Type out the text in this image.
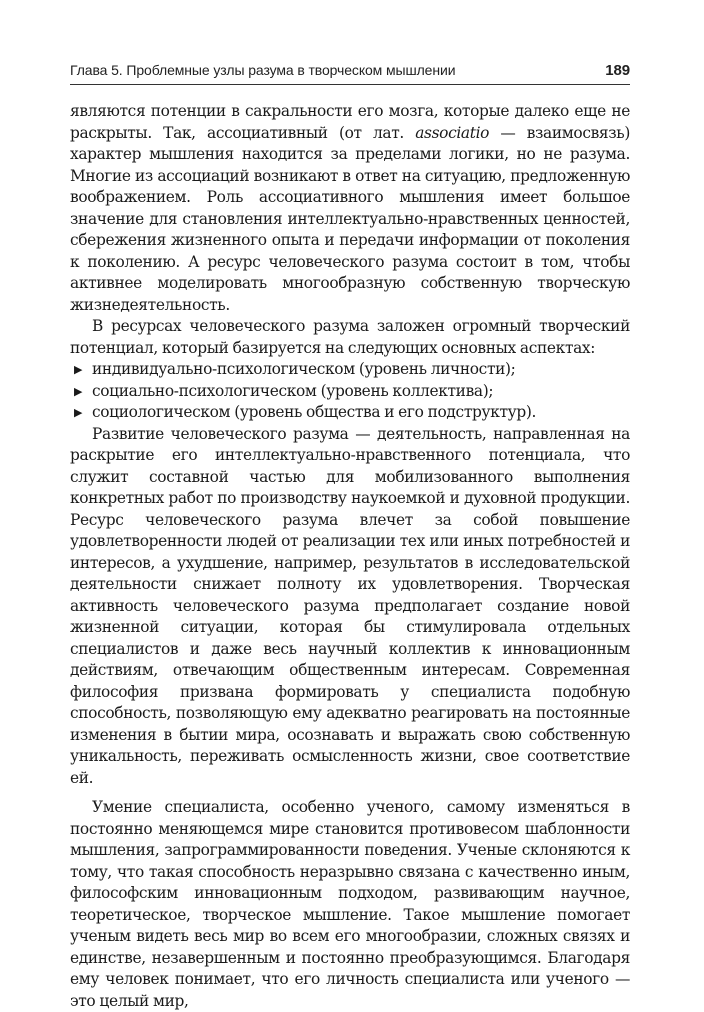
Глава 5. Проблемные узлы разума в творческом мышлении	189

являются потенции в сакральности его мозга, которые далеко еще не раскрыты. Так, ассоциативный (от лат. associatio — взаимосвязь) характер мышления находится за пределами логики, но не разума. Многие из ассоциаций возникают в ответ на ситуацию, предложенную воображением. Роль ассоциативного мышления имеет большое значение для становления интеллектуально-нравственных ценностей, сбережения жизненного опыта и передачи информации от поколения к поколению. А ресурс человеческого разума состоит в том, чтобы активнее моделировать многообразную собственную творческую жизнедеятельность.

В ресурсах человеческого разума заложен огромный творческий потенциал, который базируется на следующих основных аспектах:

▶ индивидуально-психологическом (уровень личности);
▶ социально-психологическом (уровень коллектива);
▶ социологическом (уровень общества и его подструктур).

Развитие человеческого разума — деятельность, направленная на раскрытие его интеллектуально-нравственного потенциала, что служит составной частью для мобилизованного выполнения конкретных работ по производству наукоемкой и духовной продукции. Ресурс человеческого разума влечет за собой повышение удовлетворенности людей от реализации тех или иных потребностей и интересов, а ухудшение, например, результатов в исследовательской деятельности снижает полноту их удовлетворения. Творческая активность человеческого разума предполагает создание новой жизненной ситуации, которая бы стимулировала отдельных специалистов и даже весь научный коллектив к инновационным действиям, отвечающим общественным интересам. Современная философия призвана формировать у специалиста подобную способность, позволяющую ему адекватно реагировать на постоянные изменения в бытии мира, осознавать и выражать свою собственную уникальность, переживать осмысленность жизни, свое соответствие ей.

Умение специалиста, особенно ученого, самому изменяться в постоянно меняющемся мире становится противовесом шаблонности мышления, запрограммированности поведения. Ученые склоняются к тому, что такая способность неразрывно связана с качественно иным, философским инновационным подходом, развивающим научное, теоретическое, творческое мышление. Такое мышление помогает ученым видеть весь мир во всем его многообразии, сложных связях и единстве, незавершенным и постоянно преобразующимся. Благодаря ему человек понимает, что его личность специалиста или ученого — это целый мир,
